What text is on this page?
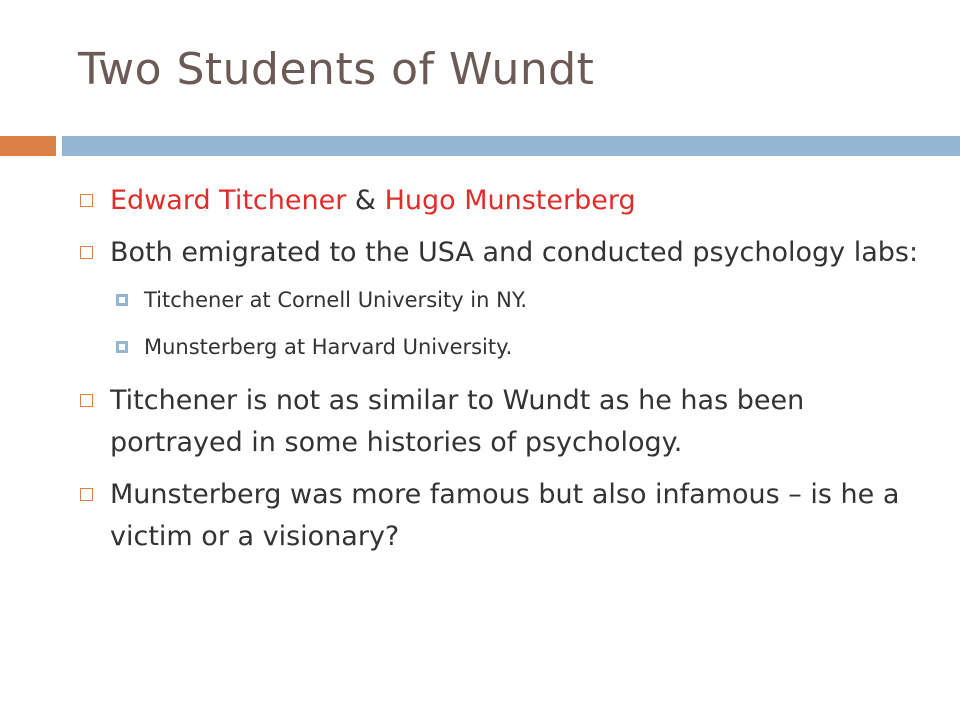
Two Students of Wundt
Edward Titchener & Hugo Munsterberg
Both emigrated to the USA and conducted psychology labs:
Titchener at Cornell University in NY.
Munsterberg at Harvard University.
Titchener is not as similar to Wundt as he has been portrayed in some histories of psychology.
Munsterberg was more famous but also infamous – is he a victim or a visionary?
